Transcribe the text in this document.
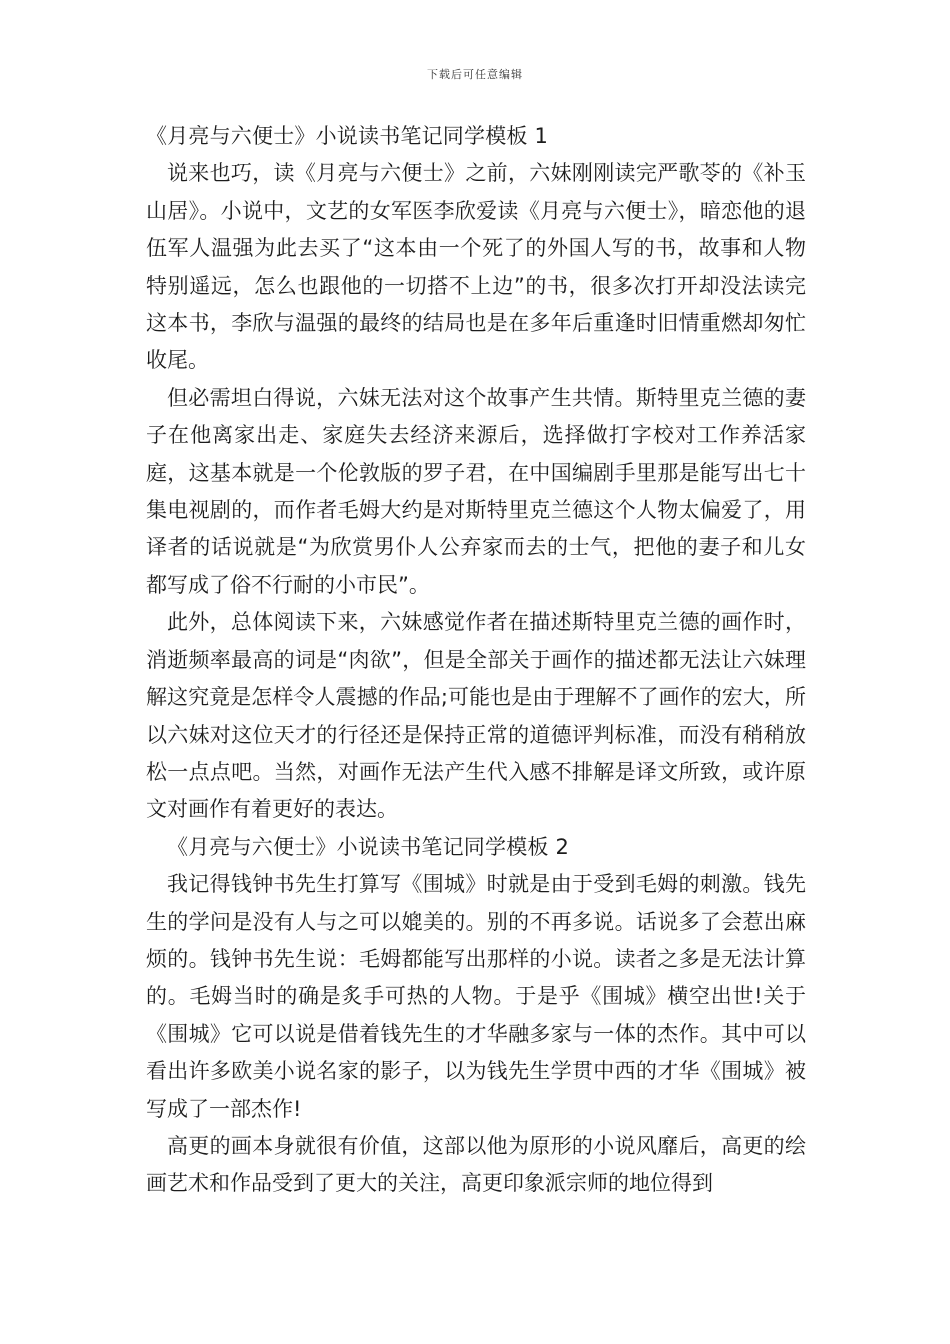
下载后可任意编辑

《月亮与六便士》小说读书笔记同学模板 1

说来也巧，读《月亮与六便士》之前，六妹刚刚读完严歌苓的《补玉山居》。小说中，文艺的女军医李欣爱读《月亮与六便士》，暗恋他的退伍军人温强为此去买了“这本由一个死了的外国人写的书，故事和人物特别遥远，怎么也跟他的一切搭不上边”的书，很多次打开却没法读完这本书，李欣与温强的最终的结局也是在多年后重逢时旧情重燃却匆忙收尾。

但必需坦白得说，六妹无法对这个故事产生共情。斯特里克兰德的妻子在他离家出走、家庭失去经济来源后，选择做打字校对工作养活家庭，这基本就是一个伦敦版的罗子君，在中国编剧手里那是能写出七十集电视剧的，而作者毛姆大约是对斯特里克兰德这个人物太偏爱了，用译者的话说就是“为欣赏男仆人公弃家而去的士气，把他的妻子和儿女都写成了俗不行耐的小市民”。

此外，总体阅读下来，六妹感觉作者在描述斯特里克兰德的画作时，消逝频率最高的词是“肉欲”，但是全部关于画作的描述都无法让六妹理解这究竟是怎样令人震撼的作品;可能也是由于理解不了画作的宏大，所以六妹对这位天才的行径还是保持正常的道德评判标准，而没有稍稍放松一点点吧。当然，对画作无法产生代入感不排解是译文所致，或许原文对画作有着更好的表达。

《月亮与六便士》小说读书笔记同学模板 2

我记得钱钟书先生打算写《围城》时就是由于受到毛姆的刺激。钱先生的学问是没有人与之可以媲美的。别的不再多说。话说多了会惹出麻烦的。钱钟书先生说：毛姆都能写出那样的小说。读者之多是无法计算的。毛姆当时的确是炙手可热的人物。于是乎《围城》横空出世!关于《围城》它可以说是借着钱先生的才华融多家与一体的杰作。其中可以看出许多欧美小说名家的影子，以为钱先生学贯中西的才华《围城》被写成了一部杰作!

高更的画本身就很有价值，这部以他为原形的小说风靡后，高更的绘画艺术和作品受到了更大的关注，高更印象派宗师的地位得到
